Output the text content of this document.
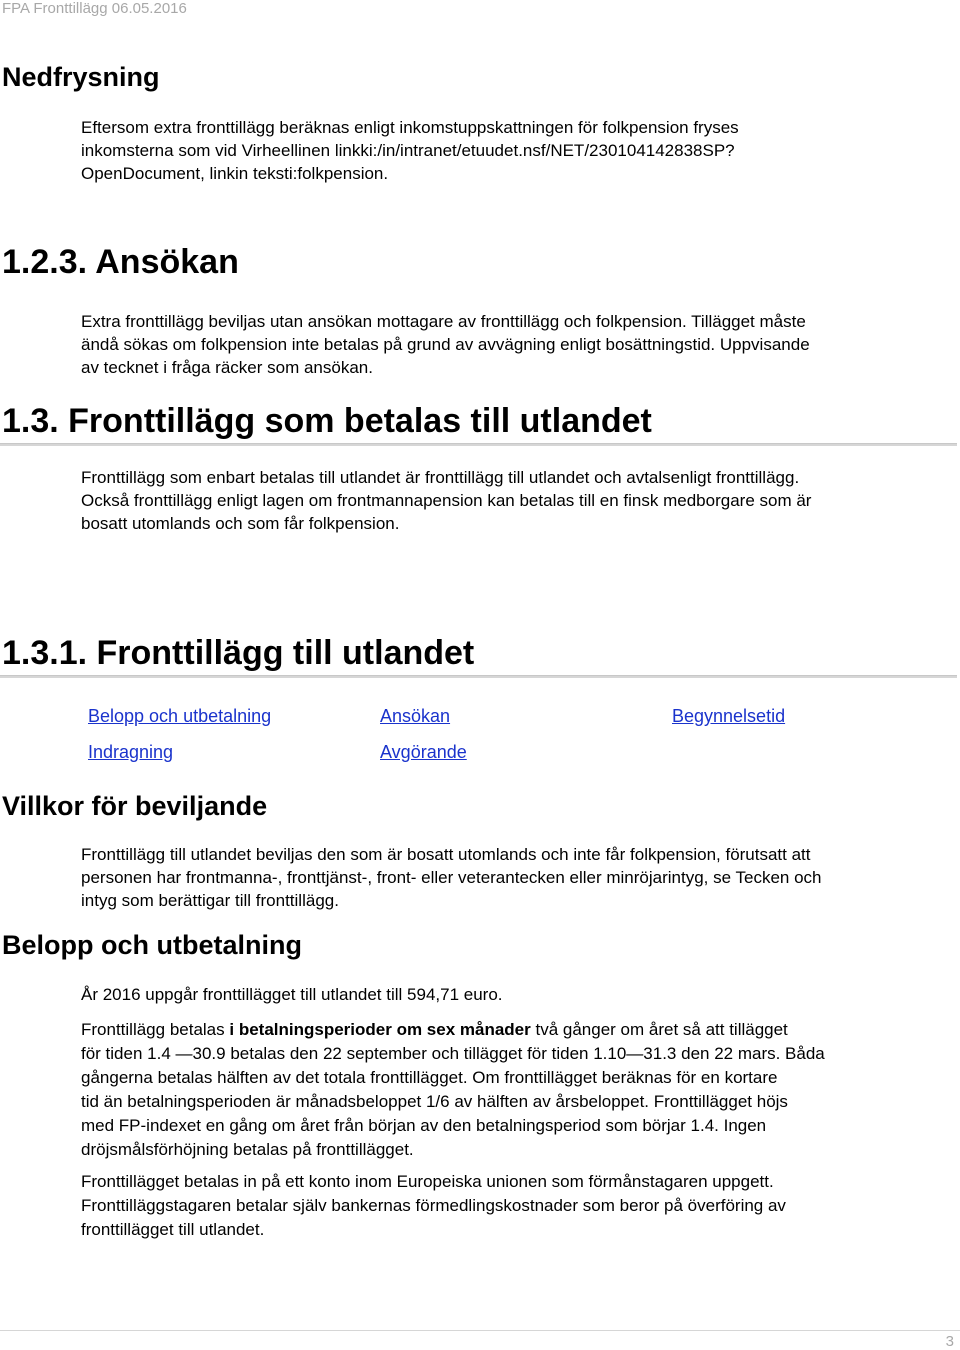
FPA Fronttillägg 06.05.2016
Nedfrysning

Eftersom extra fronttillägg beräknas enligt inkomstuppskattningen för folkpension fryses

inkomsterna som vid Virheellinen linkki:/in/intranet/etuudet.nsf/NET/230104142838SP?

OpenDocument, linkin teksti:folkpension.

1.2.3. Ansökan

Extra fronttillägg beviljas utan ansökan mottagare av fronttillägg och folkpension. Tillägget måste

ändå sökas om folkpension inte betalas på grund av avvägning enligt bosättningstid. Uppvisande

av tecknet i fråga räcker som ansökan.

1.3. Fronttillägg som betalas till utlandet

Fronttillägg som enbart betalas till utlandet är fronttillägg till utlandet och avtalsenligt fronttillägg.

Också fronttillägg enligt lagen om frontmannapension kan betalas till en finsk medborgare som är

bosatt utomlands och som får folkpension.

1.3.1. Fronttillägg till utlandet
Belopp och utbetalning	Ansökan	Begynnelsetid
Indragning	Avgörande
Villkor för beviljande

Fronttillägg till utlandet beviljas den som är bosatt utomlands och inte får folkpension, förutsatt att

personen har frontmanna-, fronttjänst-, front- eller veterantecken eller minröjarintyg, se Tecken och

intyg som berättigar till fronttillägg.

Belopp och utbetalning

År 2016 uppgår fronttillägget till utlandet till 594,71 euro.

Fronttillägg betalas i betalningsperioder om sex månader två gånger om året så att tillägget

för tiden 1.4 ―30.9 betalas den 22 september och tillägget för tiden 1.10―31.3 den 22 mars. Båda

gångerna betalas hälften av det totala fronttillägget. Om fronttillägget beräknas för en kortare

tid än betalningsperioden är månadsbeloppet 1/6 av hälften av årsbeloppet. Fronttillägget höjs

med FP-indexet en gång om året från början av den betalningsperiod som börjar 1.4. Ingen

dröjsmålsförhöjning betalas på fronttillägget.

Fronttillägget betalas in på ett konto inom Europeiska unionen som förmånstagaren uppgett.

Fronttilläggstagaren betalar själv bankernas förmedlingskostnader som beror på överföring av

fronttillägget till utlandet.

3
